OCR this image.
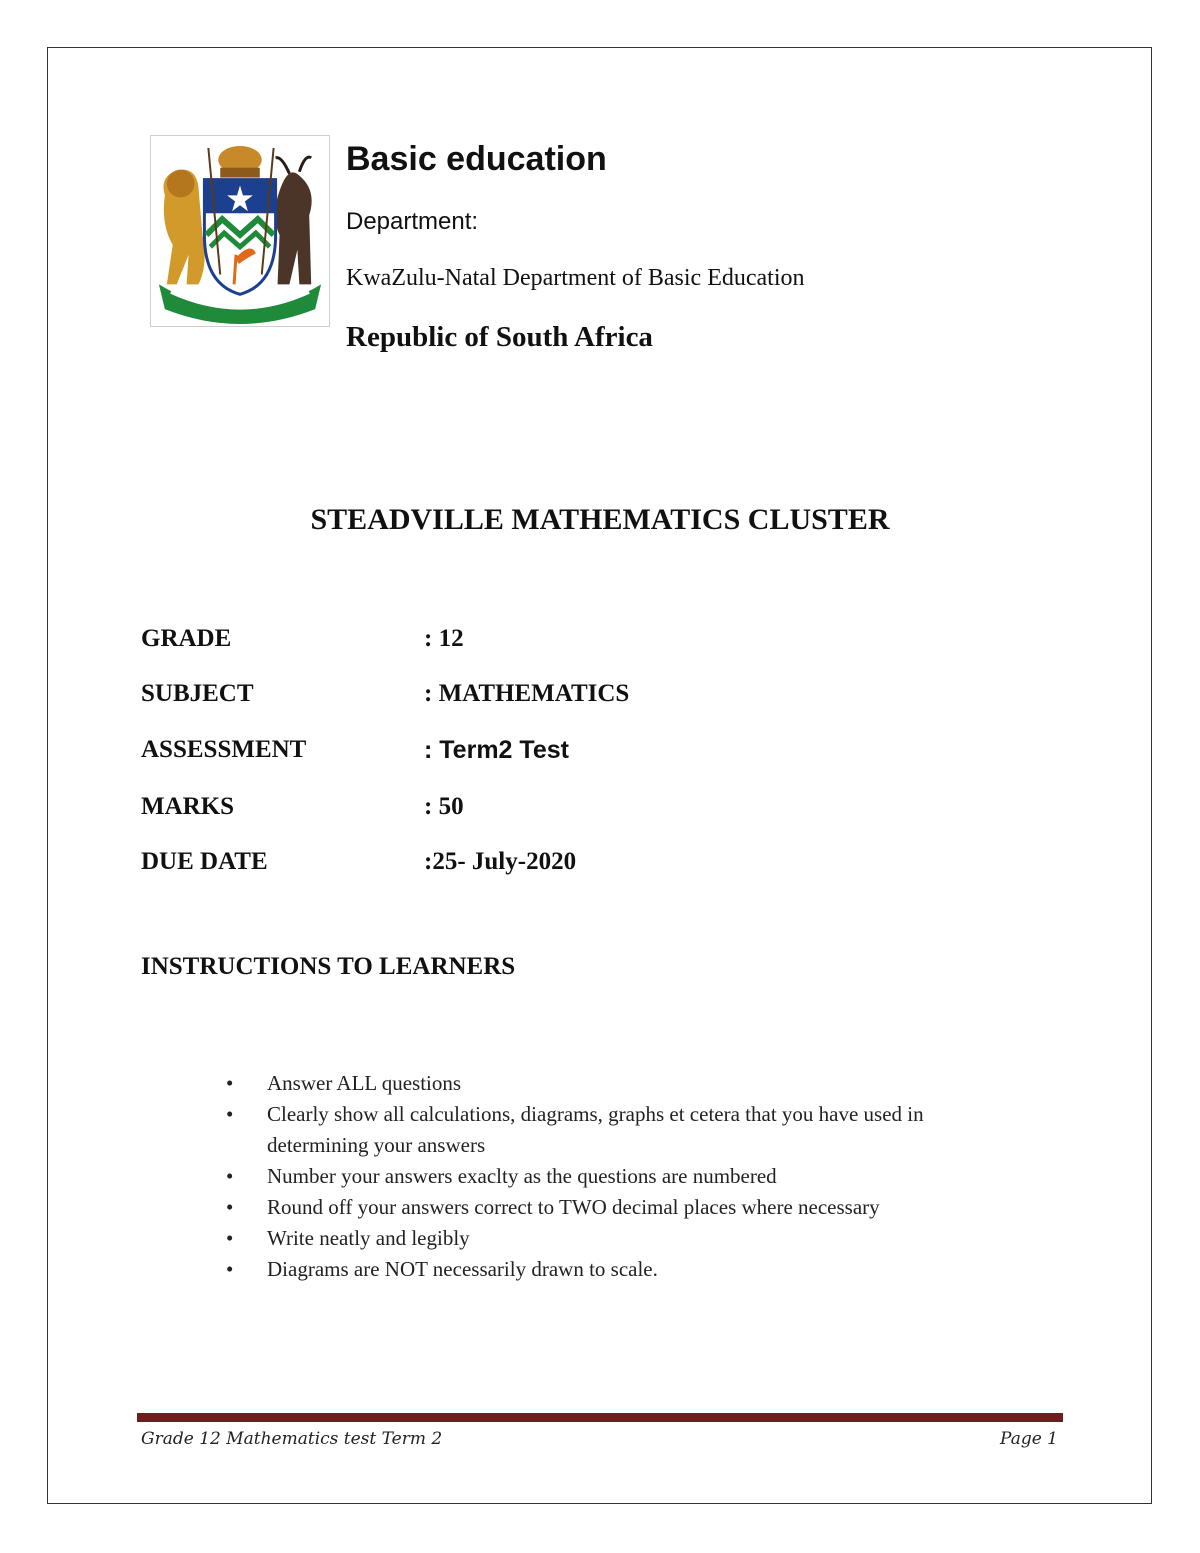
Basic education
Department:
KwaZulu-Natal Department of Basic Education
Republic of South Africa
STEADVILLE MATHEMATICS CLUSTER
GRADE	: 12
SUBJECT	: MATHEMATICS
ASSESSMENT	: Term2 Test
MARKS	: 50
DUE DATE	:25- July-2020
INSTRUCTIONS TO LEARNERS
• Answer ALL questions
• Clearly show all calculations, diagrams, graphs et cetera that you have used in determining your answers
• Number your answers exaclty as the questions are numbered
• Round off your answers correct to TWO decimal places where necessary
• Write neatly and legibly
• Diagrams are NOT necessarily drawn to scale.
Grade 12 Mathematics test Term 2	Page 1
